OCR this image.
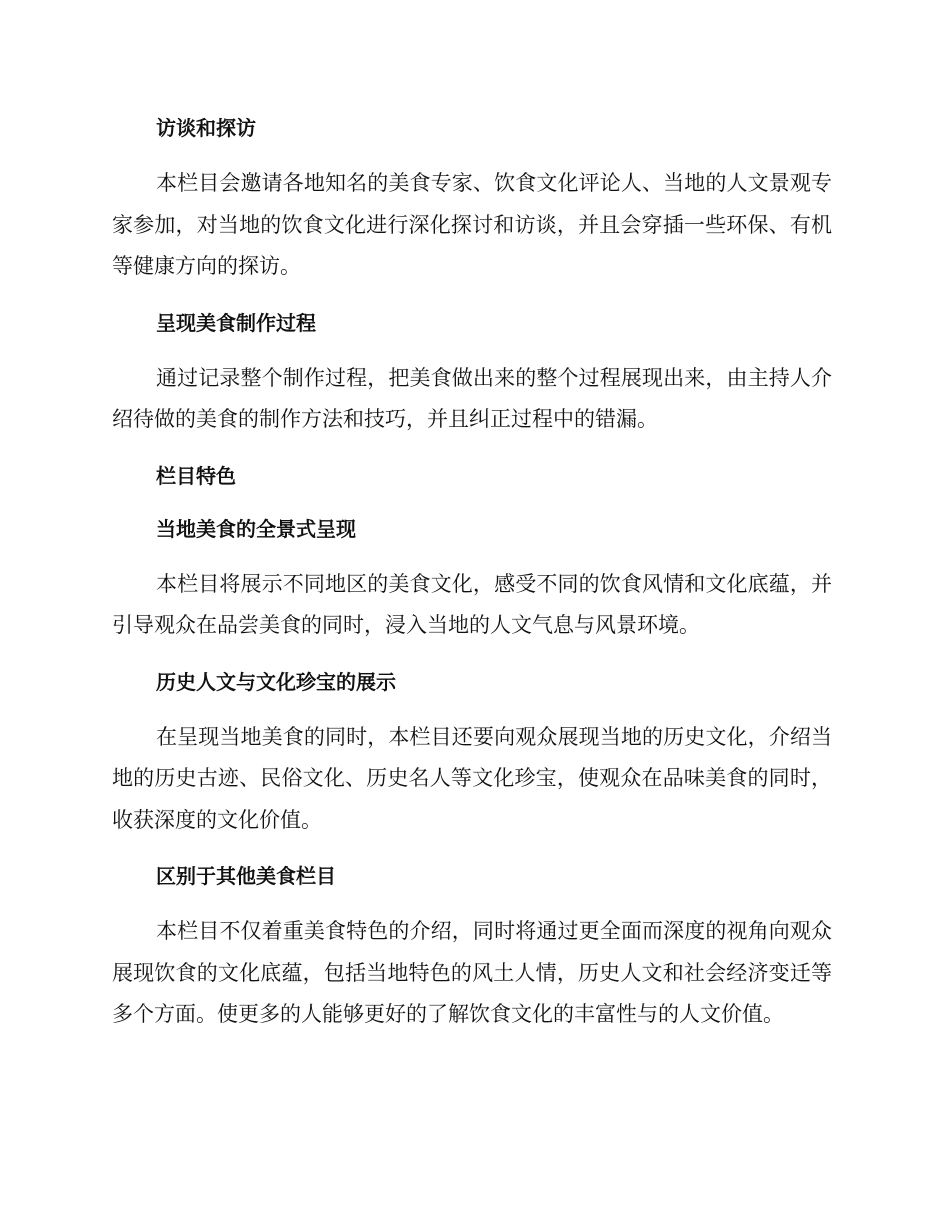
访谈和探访

本栏目会邀请各地知名的美食专家、饮食文化评论人、当地的人文景观专家参加，对当地的饮食文化进行深化探讨和访谈，并且会穿插一些环保、有机等健康方向的探访。

呈现美食制作过程

通过记录整个制作过程，把美食做出来的整个过程展现出来，由主持人介绍待做的美食的制作方法和技巧，并且纠正过程中的错漏。

栏目特色
当地美食的全景式呈现

本栏目将展示不同地区的美食文化，感受不同的饮食风情和文化底蕴，并引导观众在品尝美食的同时，浸入当地的人文气息与风景环境。

历史人文与文化珍宝的展示

在呈现当地美食的同时，本栏目还要向观众展现当地的历史文化，介绍当地的历史古迹、民俗文化、历史名人等文化珍宝，使观众在品味美食的同时，收获深度的文化价值。

区别于其他美食栏目

本栏目不仅着重美食特色的介绍，同时将通过更全面而深度的视角向观众展现饮食的文化底蕴，包括当地特色的风土人情，历史人文和社会经济变迁等多个方面。使更多的人能够更好的了解饮食文化的丰富性与的人文价值。
